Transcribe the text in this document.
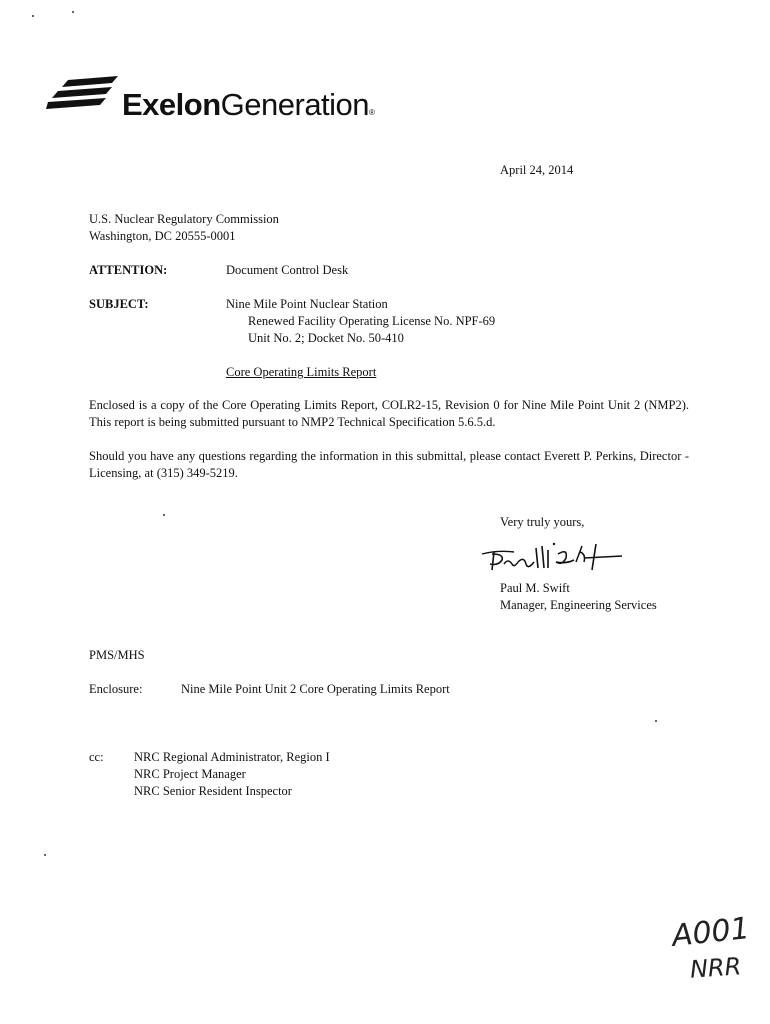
ExelonGeneration®
April 24, 2014
U.S. Nuclear Regulatory Commission
Washington, DC 20555-0001
ATTENTION:	Document Control Desk
SUBJECT:	Nine Mile Point Nuclear Station
Renewed Facility Operating License No. NPF-69
Unit No. 2; Docket No. 50-410
Core Operating Limits Report
Enclosed is a copy of the Core Operating Limits Report, COLR2-15, Revision 0 for Nine Mile Point Unit 2 (NMP2). This report is being submitted pursuant to NMP2 Technical Specification 5.6.5.d.
Should you have any questions regarding the information in this submittal, please contact Everett P. Perkins, Director - Licensing, at (315) 349-5219.
Very truly yours,
Paul M. Swift
Manager, Engineering Services
PMS/MHS
Enclosure:	Nine Mile Point Unit 2 Core Operating Limits Report
cc: NRC Regional Administrator, Region I
NRC Project Manager
NRC Senior Resident Inspector
A001
NRR
